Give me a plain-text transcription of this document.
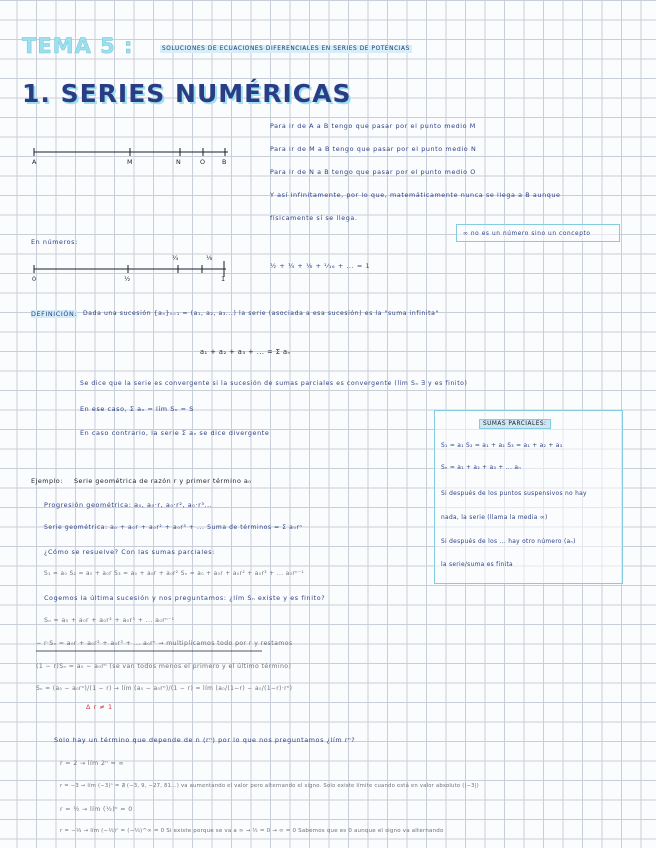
TEMA 5 :	SOLUCIONES DE ECUACIONES DIFERENCIALES EN SERIES DE POTENCIAS
1. SERIES NUMÉRICAS
A	M	N	O	B
En números:
0	½
¼	⅛
1
Para ir de A a B tengo que pasar por el punto medio M
Para ir de M a B tengo que pasar por el punto medio N
Para ir de N a B tengo que pasar por el punto medio O
Y así infinitamente, por lo que, matemáticamente nunca se llega a B aunque
físicamente sí se llega.
∞ no es un número sino un concepto
½ + ¼ + ⅛ + ¹⁄₁₆ + ... = 1
DEFINICIÓN: Dada una sucesión {aₙ}ₙ₌₁ = (a₁, a₂, a₃...) la serie (asociada a esa sucesión) es la "suma infinita"
a₁ + a₂ + a₃ + ... = Σ aₙ
Se dice que la serie es convergente si la sucesión de sumas parciales es convergente (lím Sₙ ∃ y es finito)
En ese caso, Σ aₙ = lím Sₙ = S
En caso contrario, la serie Σ aₙ se dice divergente
SUMAS PARCIALES:
S₁ = a₁ S₂ = a₁ + a₂ S₃ = a₁ + a₂ + a₃
Sₙ = a₁ + a₂ + a₃ + ... aₙ
Si después de los puntos suspensivos no hay
nada, la serie (llama la media ∞)
Si después de los ... hay otro número (aₙ)
la serie/suma es finita
Ejemplo: Serie geométrica de razón r y primer término a₀
Progresión geométrica: a₀, a₀·r, a₀·r², a₀·r³...
Serie geométrica: a₀ + a₀r + a₀r² + a₀r³ + ... Suma de términos = Σ a₀rⁿ
¿Cómo se resuelve? Con las sumas parciales:
S₁ = a₀ S₂ = a₀ + a₀r S₃ = a₀ + a₀r + a₀r² Sₙ = a₀ + a₀r + a₀r² + a₀r³ + ... a₀rⁿ⁻¹
Cogemos la última sucesión y nos preguntamos: ¿lím Sₙ existe y es finito?
Sₙ = a₀ + a₀r + a₀r² + a₀r³ + ... a₀rⁿ⁻¹
− r·Sₙ = a₀r + a₀r² + a₀r³ + ... a₀rⁿ → multiplicamos todo por r y restamos
(1 − r)Sₙ = a₀ − a₀rⁿ (se van todos menos el primero y el último término)
Sₙ = (a₀ − a₀rⁿ)/(1 − r) → lím (a₀ − a₀rⁿ)/(1 − r) = lím (a₀/(1−r) − a₀/(1−r)·rⁿ)
Δ r ≠ 1
Solo hay un término que depende de n (rⁿ) por lo que nos preguntamos ¿lím rⁿ?
r = 2 → lím 2ⁿ = ∞
r = −3 → lím (−3)ⁿ = ∄ (−3, 9, −27, 81...) va aumentando el valor pero alternando el signo. Solo existe límite cuando está en valor absoluto (|−3|)
r = ½ → lím (½)ⁿ = 0
r = −⅓ → lím (−⅓)ⁿ = (−⅓)^∞ = 0 Si existe porque se va a ∞ → ½ = 0 → ∞ = 0 Sabemos que es 0 aunque el signo va alternando
